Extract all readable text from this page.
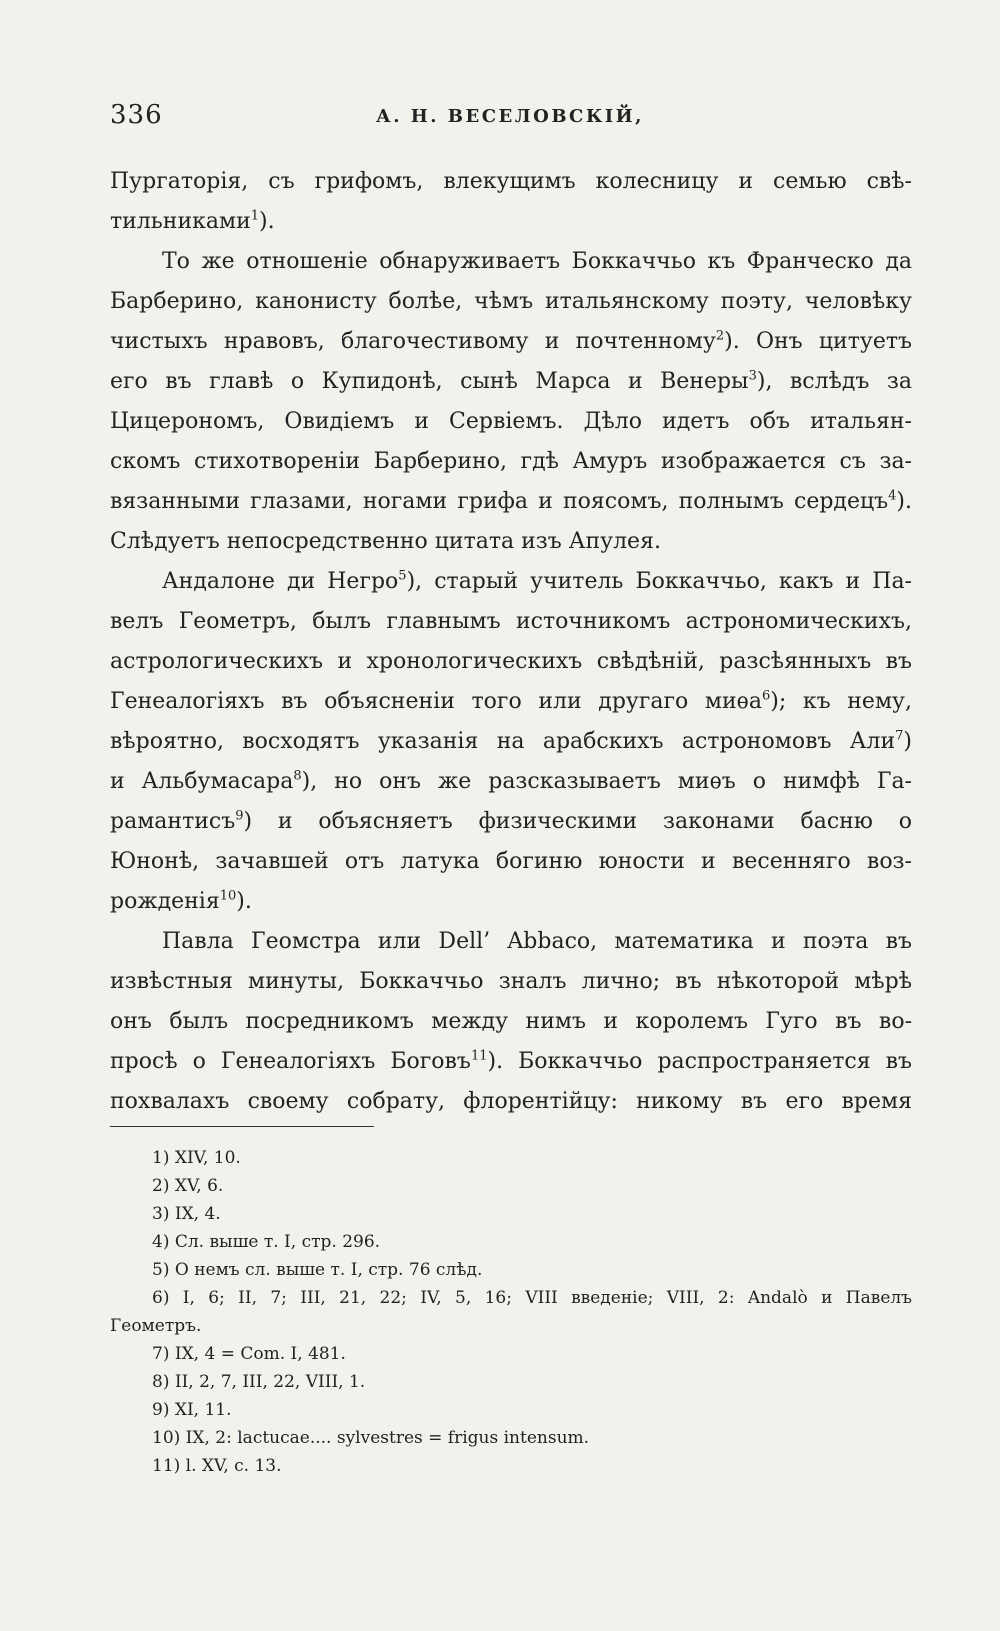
336	А. Н. ВЕСЕЛОВСКІЙ,
Пургаторія, съ грифомъ, влекущимъ колесницу и семью свѣ-
тильниками$^1$).
То же отношеніе обнаруживаетъ Боккаччьо къ Франческо да
Барберино, канонисту болѣе, чѣмъ итальянскому поэту, человѣку
чистыхъ нравовъ, благочестивому и почтенному$^2$). Онъ цитуетъ
его въ главѣ о Купидонѣ, сынѣ Марса и Венеры$^3$), вслѣдъ за
Цицерономъ, Овидіемъ и Сервіемъ. Дѣло идетъ объ итальян-
скомъ стихотвореніи Барберино, гдѣ Амуръ изображается съ за-
вязанными глазами, ногами грифа и поясомъ, полнымъ сердецъ$^4$).
Слѣдуетъ непосредственно цитата изъ Апулея.
Андалоне ди Негро$^5$), старый учитель Боккаччьо, какъ и Па-
велъ Геометръ, былъ главнымъ источникомъ астрономическихъ,
астрологическихъ и хронологическихъ свѣдѣній, разсѣянныхъ въ
Генеалогіяхъ въ объясненіи того или другаго миѳа$^6$); къ нему,
вѣроятно, восходятъ указанія на арабскихъ астрономовъ Али$^7$)
и Альбумасара$^8$), но онъ же разсказываетъ миѳъ о нимфѣ Га-
рамантисъ$^9$) и объясняетъ физическими законами басню о
Юнонѣ, зачавшей отъ латука богиню юности и весенняго воз-
рожденія$^{10}$).
Павла Геомстра или Dell’ Abbaco, математика и поэта въ
извѣстныя минуты, Боккаччьо зналъ лично; въ нѣкоторой мѣрѣ
онъ былъ посредникомъ между нимъ и королемъ Гуго въ во-
просѣ о Генеалогіяхъ Боговъ$^{11}$). Боккаччьо распространяется въ
похвалахъ своему собрату, флорентійцу: никому въ его время
1) XIV, 10.
2) XV, 6.
3) IX, 4.
4) Сл. выше т. I, стр. 296.
5) О немъ сл. выше т. I, стр. 76 слѣд.
6) I, 6; II, 7; III, 21, 22; IV, 5, 16; VIII введеніе; VIII, 2: Andalò и Павелъ
Геометръ.
7) IX, 4 = Com. I, 481.
8) II, 2, 7, III, 22, VIII, 1.
9) XI, 11.
10) IX, 2: lactucae.... sylvestres = frigus intensum.
11) l. XV, c. 13.
